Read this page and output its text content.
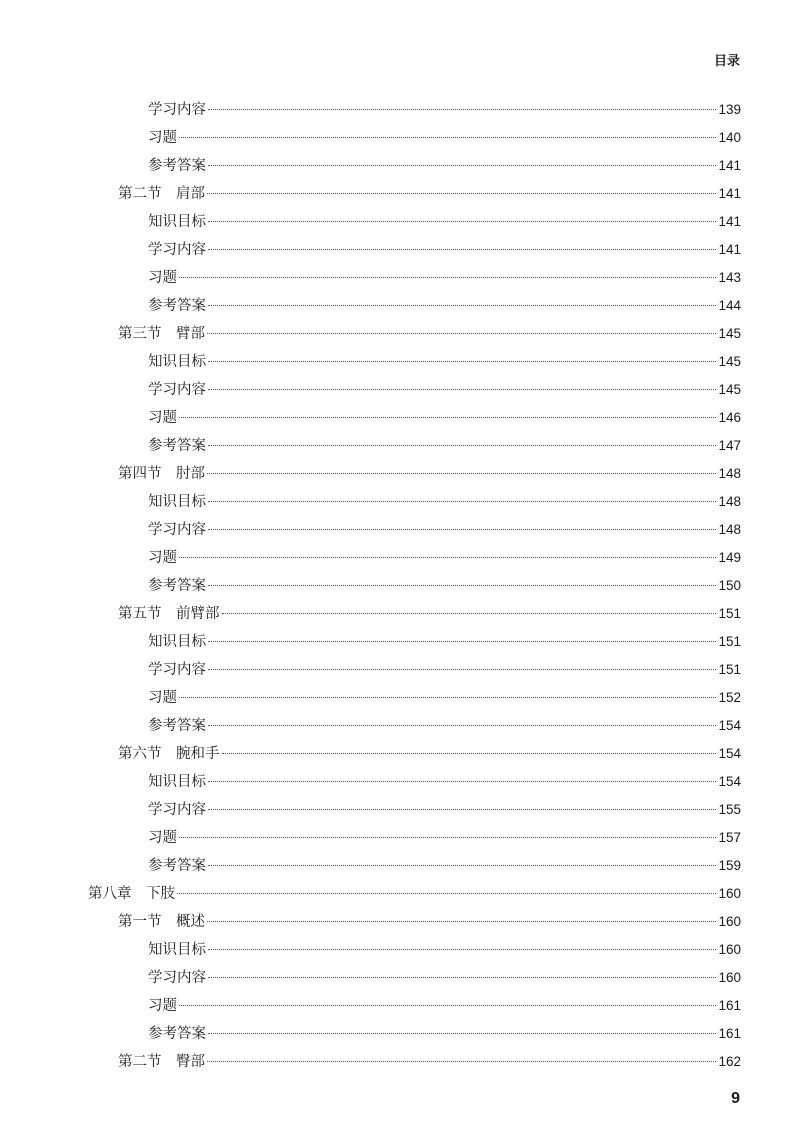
目录
学习内容	139
习题	140
参考答案	141
第二节　肩部	141
知识目标	141
学习内容	141
习题	143
参考答案	144
第三节　臂部	145
知识目标	145
学习内容	145
习题	146
参考答案	147
第四节　肘部	148
知识目标	148
学习内容	148
习题	149
参考答案	150
第五节　前臂部	151
知识目标	151
学习内容	151
习题	152
参考答案	154
第六节　腕和手	154
知识目标	154
学习内容	155
习题	157
参考答案	159
第八章　下肢	160
第一节　概述	160
知识目标	160
学习内容	160
习题	161
参考答案	161
第二节　臀部	162
9
